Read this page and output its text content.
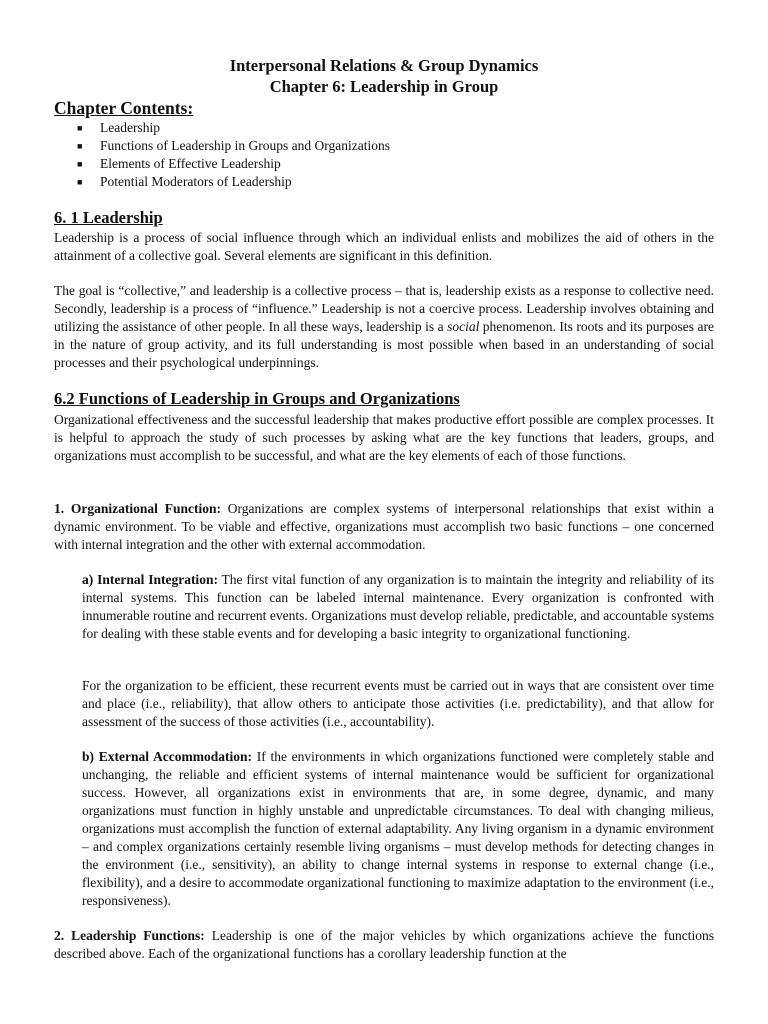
Interpersonal Relations & Group Dynamics
Chapter 6: Leadership in Group
Chapter Contents:
■ Leadership
■ Functions of Leadership in Groups and Organizations
■ Elements of Effective Leadership
■ Potential Moderators of Leadership
6. 1 Leadership
Leadership is a process of social influence through which an individual enlists and mobilizes the aid of others in the attainment of a collective goal. Several elements are significant in this definition.
The goal is “collective,” and leadership is a collective process – that is, leadership exists as a response to collective need. Secondly, leadership is a process of “influence.” Leadership is not a coercive process. Leadership involves obtaining and utilizing the assistance of other people. In all these ways, leadership is a social phenomenon. Its roots and its purposes are in the nature of group activity, and its full understanding is most possible when based in an understanding of social processes and their psychological underpinnings.
6.2 Functions of Leadership in Groups and Organizations
Organizational effectiveness and the successful leadership that makes productive effort possible are complex processes. It is helpful to approach the study of such processes by asking what are the key functions that leaders, groups, and organizations must accomplish to be successful, and what are the key elements of each of those functions.
1. Organizational Function: Organizations are complex systems of interpersonal relationships that exist within a dynamic environment. To be viable and effective, organizations must accomplish two basic functions – one concerned with internal integration and the other with external accommodation.
a) Internal Integration: The first vital function of any organization is to maintain the integrity and reliability of its internal systems. This function can be labeled internal maintenance. Every organization is confronted with innumerable routine and recurrent events. Organizations must develop reliable, predictable, and accountable systems for dealing with these stable events and for developing a basic integrity to organizational functioning.
For the organization to be efficient, these recurrent events must be carried out in ways that are consistent over time and place (i.e., reliability), that allow others to anticipate those activities (i.e. predictability), and that allow for assessment of the success of those activities (i.e., accountability).
b) External Accommodation: If the environments in which organizations functioned were completely stable and unchanging, the reliable and efficient systems of internal maintenance would be sufficient for organizational success. However, all organizations exist in environments that are, in some degree, dynamic, and many organizations must function in highly unstable and unpredictable circumstances. To deal with changing milieus, organizations must accomplish the function of external adaptability. Any living organism in a dynamic environment – and complex organizations certainly resemble living organisms – must develop methods for detecting changes in the environment (i.e., sensitivity), an ability to change internal systems in response to external change (i.e., flexibility), and a desire to accommodate organizational functioning to maximize adaptation to the environment (i.e., responsiveness).
2. Leadership Functions: Leadership is one of the major vehicles by which organizations achieve the functions described above. Each of the organizational functions has a corollary leadership function at the
